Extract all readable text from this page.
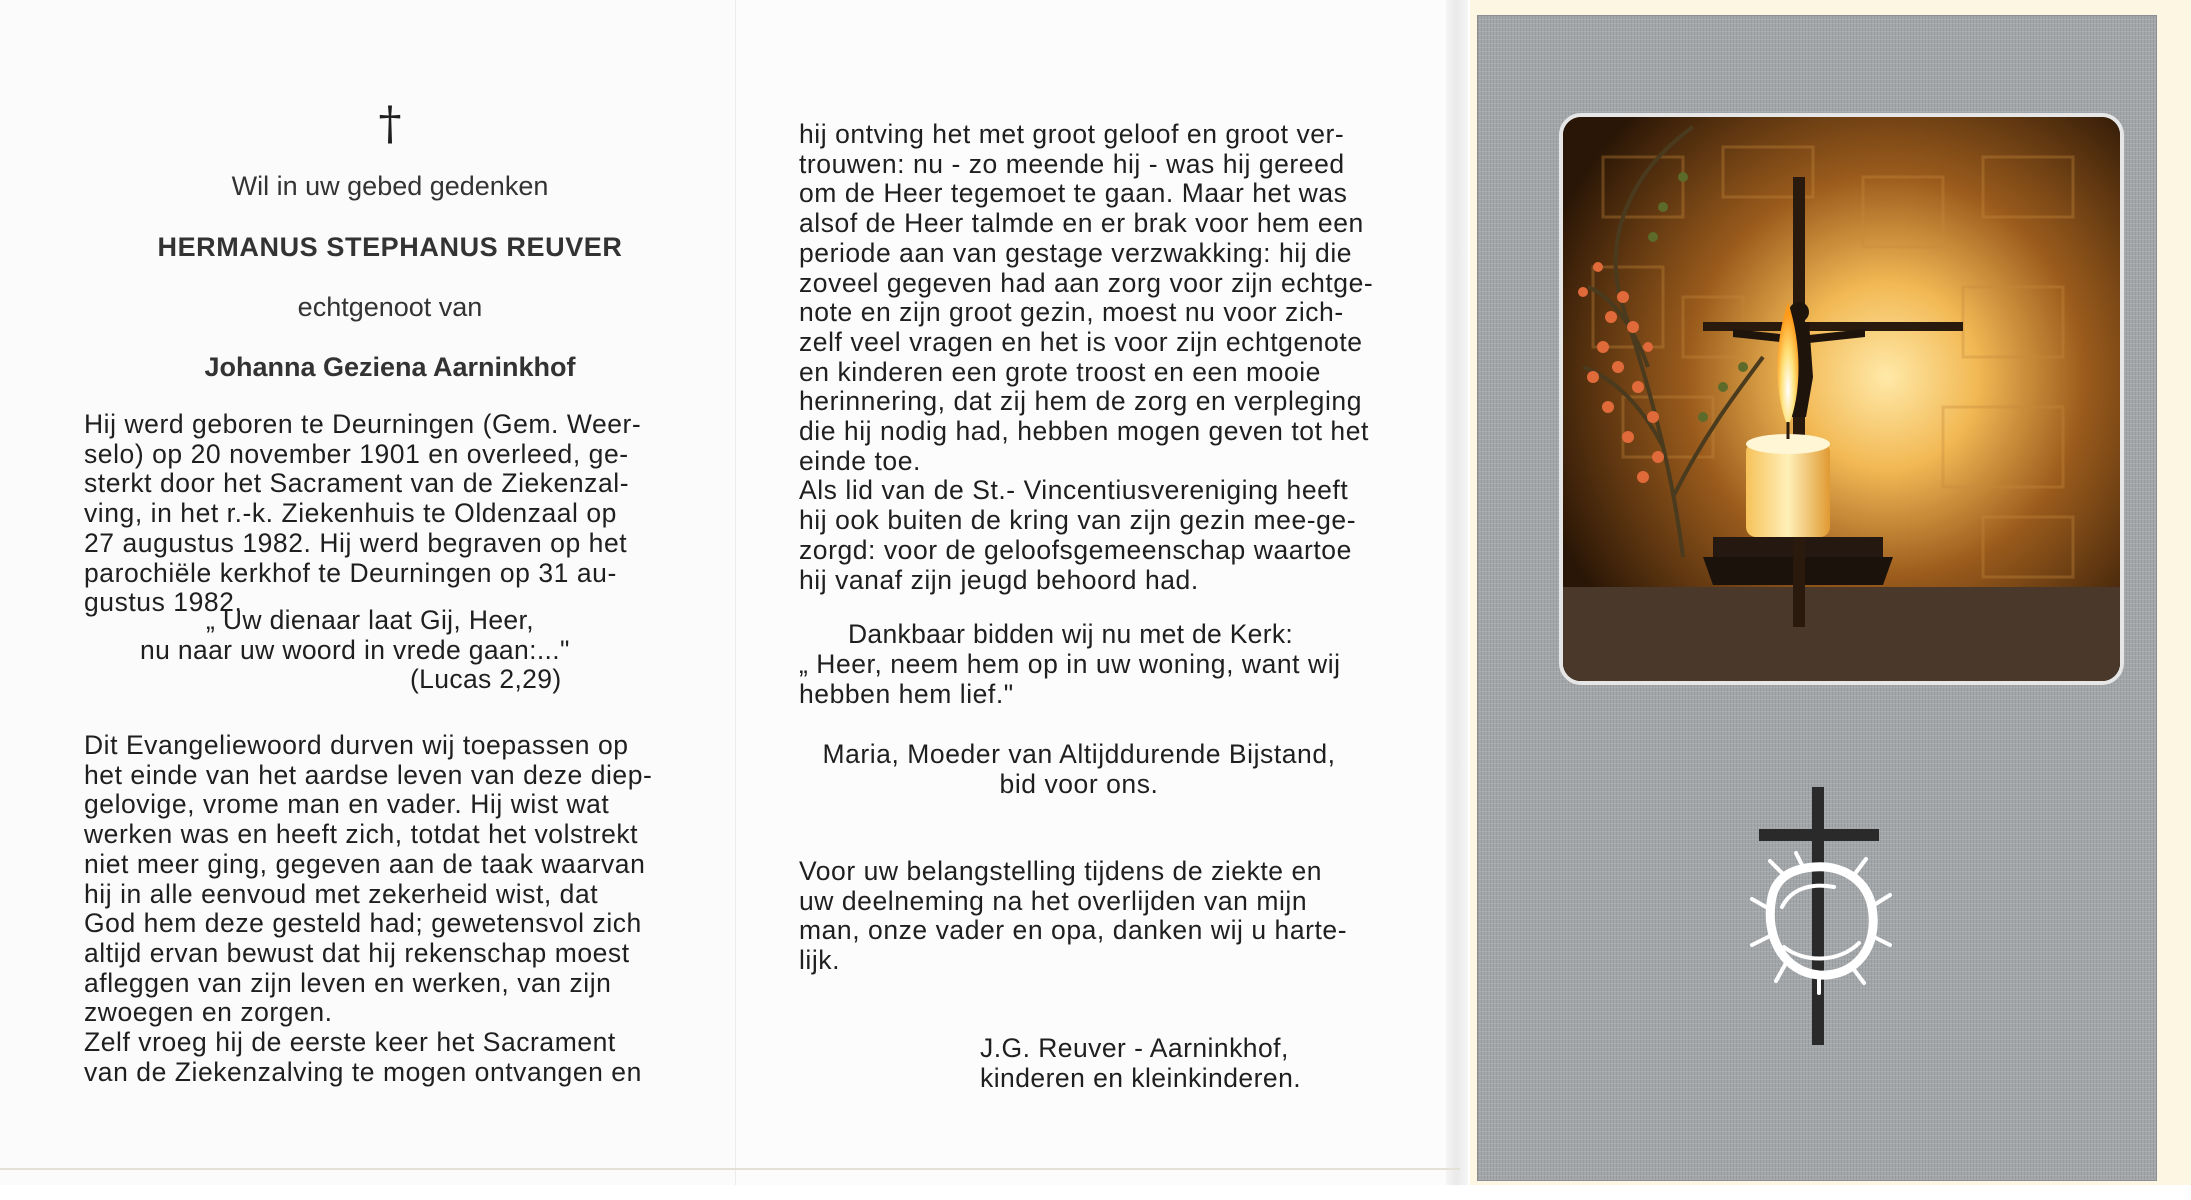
†
Wil in uw gebed gedenken
HERMANUS STEPHANUS REUVER
echtgenoot van
Johanna Geziena Aarninkhof
Hij werd geboren te Deurningen (Gem. Weer-
selo) op 20 november 1901 en overleed, ge-
sterkt door het Sacrament van de Ziekenzal-
ving, in het r.-k. Ziekenhuis te Oldenzaal op
27 augustus 1982. Hij werd begraven op het
parochiële kerkhof te Deurningen op 31 au-
gustus 1982.
„ Uw dienaar laat Gij, Heer,
nu naar uw woord in vrede gaan:..."
(Lucas 2,29)
Dit Evangeliewoord durven wij toepassen op
het einde van het aardse leven van deze diep-
gelovige, vrome man en vader. Hij wist wat
werken was en heeft zich, totdat het volstrekt
niet meer ging, gegeven aan de taak waarvan
hij in alle eenvoud met zekerheid wist, dat
God hem deze gesteld had; gewetensvol zich
altijd ervan bewust dat hij rekenschap moest
afleggen van zijn leven en werken, van zijn
zwoegen en zorgen.
Zelf vroeg hij de eerste keer het Sacrament
van de Ziekenzalving te mogen ontvangen en
hij ontving het met groot geloof en groot ver-
trouwen: nu - zo meende hij - was hij gereed
om de Heer tegemoet te gaan. Maar het was
alsof de Heer talmde en er brak voor hem een
periode aan van gestage verzwakking: hij die
zoveel gegeven had aan zorg voor zijn echtge-
note en zijn groot gezin, moest nu voor zich-
zelf veel vragen en het is voor zijn echtgenote
en kinderen een grote troost en een mooie
herinnering, dat zij hem de zorg en verpleging
die hij nodig had, hebben mogen geven tot het
einde toe.
Als lid van de St.- Vincentiusvereniging heeft
hij ook buiten de kring van zijn gezin mee-ge-
zorgd: voor de geloofsgemeenschap waartoe
hij vanaf zijn jeugd behoord had.
Dankbaar bidden wij nu met de Kerk:
„ Heer, neem hem op in uw woning, want wij
hebben hem lief."
Maria, Moeder van Altijddurende Bijstand,
bid voor ons.
Voor uw belangstelling tijdens de ziekte en
uw deelneming na het overlijden van mijn
man, onze vader en opa, danken wij u harte-
lijk.
J.G. Reuver - Aarninkhof,
kinderen en kleinkinderen.
